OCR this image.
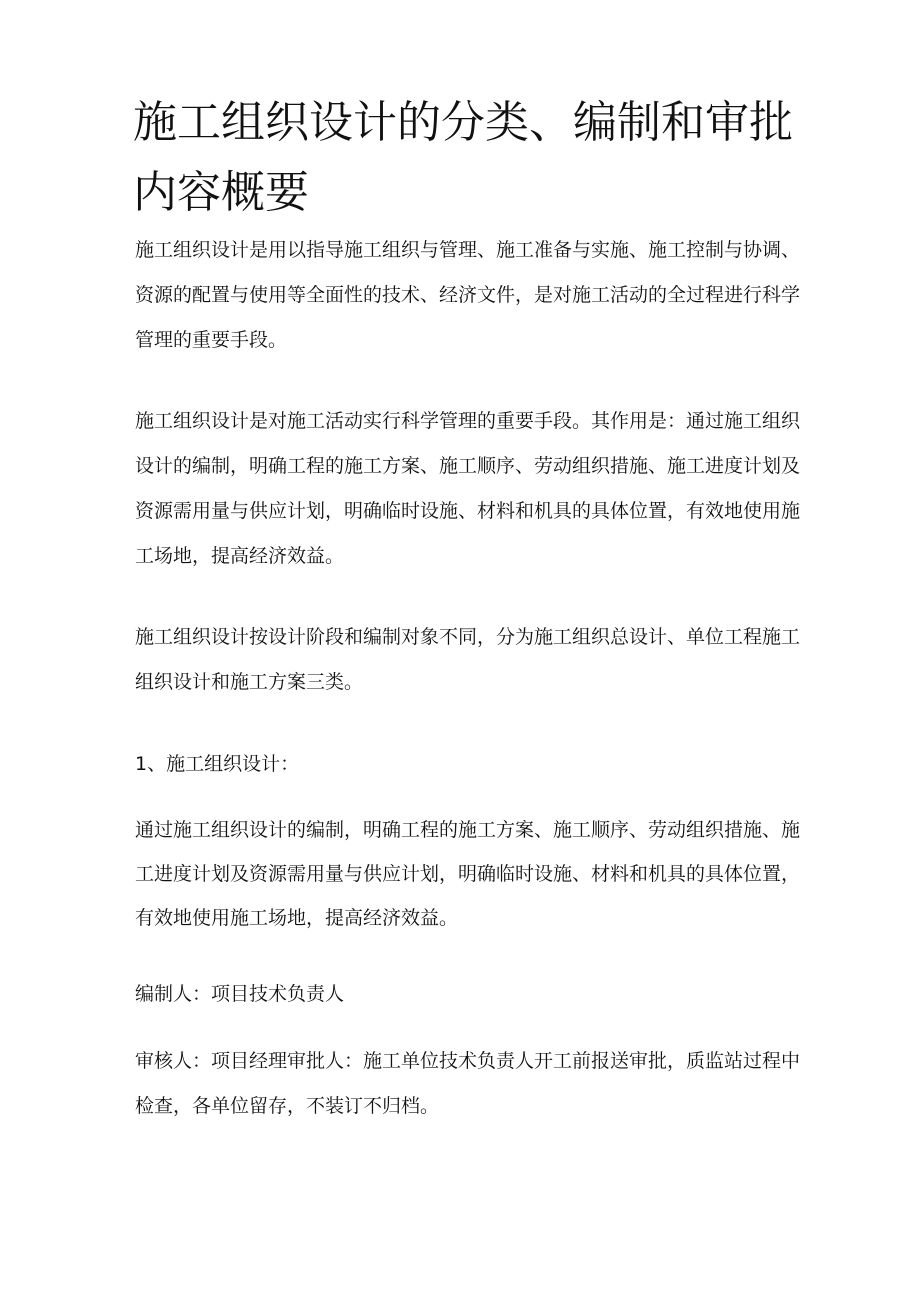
施工组织设计的分类、编制和审批内容概要

施工组织设计是用以指导施工组织与管理、施工准备与实施、施工控制与协调、资源的配置与使用等全面性的技术、经济文件，是对施工活动的全过程进行科学管理的重要手段。

施工组织设计是对施工活动实行科学管理的重要手段。其作用是：通过施工组织设计的编制，明确工程的施工方案、施工顺序、劳动组织措施、施工进度计划及资源需用量与供应计划，明确临时设施、材料和机具的具体位置，有效地使用施工场地，提高经济效益。

施工组织设计按设计阶段和编制对象不同，分为施工组织总设计、单位工程施工组织设计和施工方案三类。

1、施工组织设计：

通过施工组织设计的编制，明确工程的施工方案、施工顺序、劳动组织措施、施工进度计划及资源需用量与供应计划，明确临时设施、材料和机具的具体位置，有效地使用施工场地，提高经济效益。

编制人：项目技术负责人

审核人：项目经理审批人：施工单位技术负责人开工前报送审批，质监站过程中检查，各单位留存，不装订不归档。
